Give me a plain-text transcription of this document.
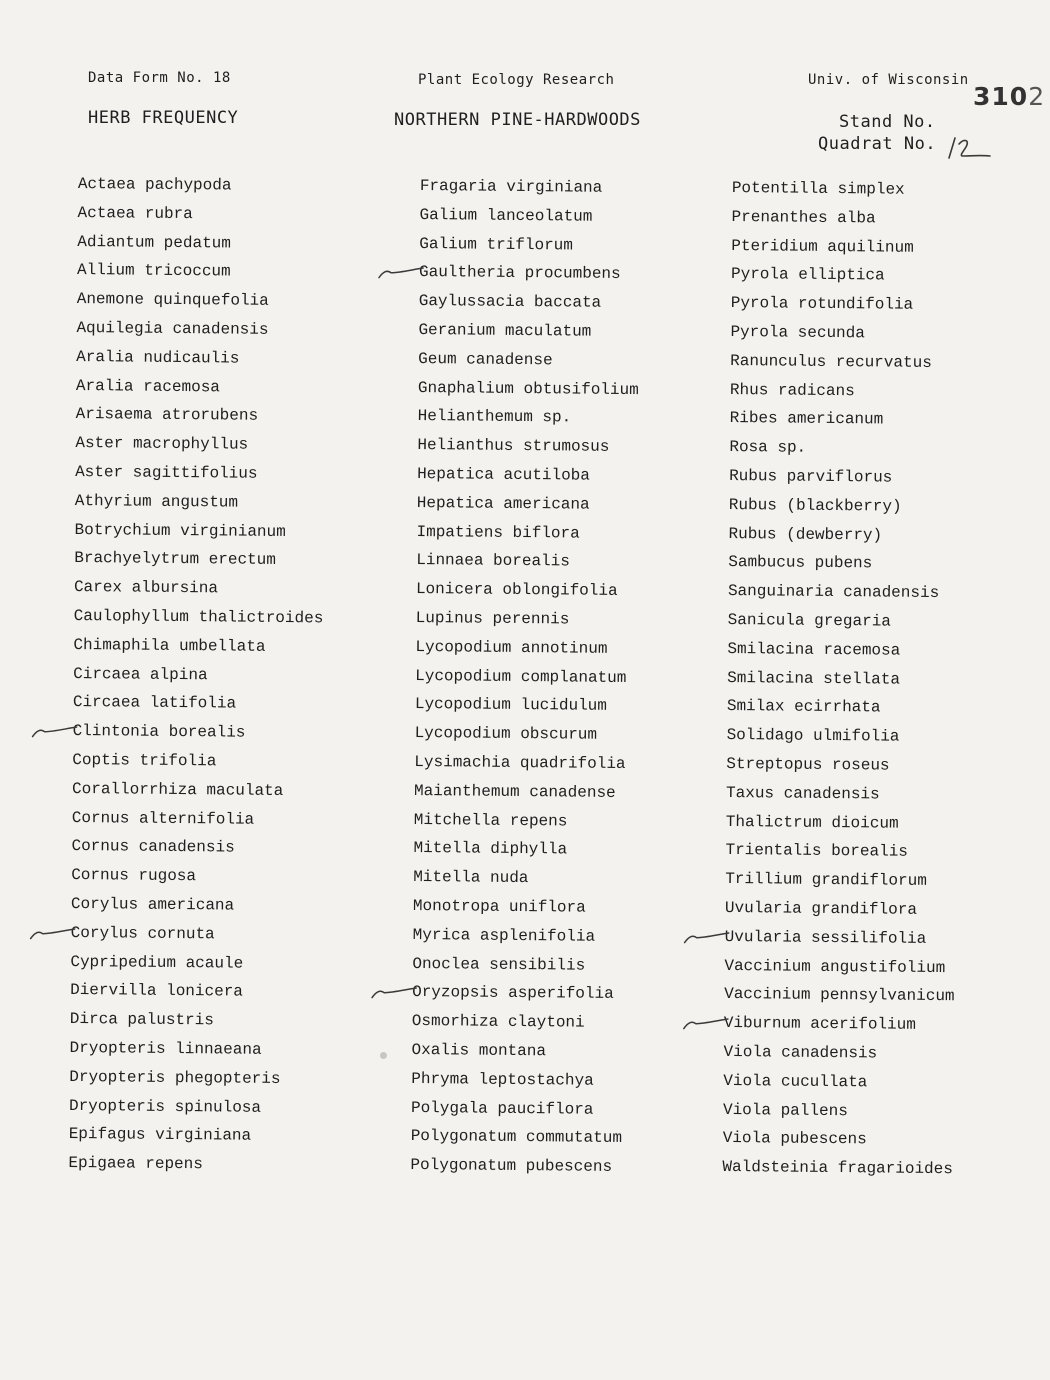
Data Form No. 18	Plant Ecology Research	Univ. of Wisconsin
3102
HERB FREQUENCY	NORTHERN PINE-HARDWOODS	Stand No.
Quadrat No.
Actaea pachypoda
Actaea rubra
Adiantum pedatum
Allium tricoccum
Anemone quinquefolia
Aquilegia canadensis
Aralia nudicaulis
Aralia racemosa
Arisaema atrorubens
Aster macrophyllus
Aster sagittifolius
Athyrium angustum
Botrychium virginianum
Brachyelytrum erectum
Carex albursina
Caulophyllum thalictroides
Chimaphila umbellata
Circaea alpina
Circaea latifolia
Clintonia borealis
Coptis trifolia
Corallorrhiza maculata
Cornus alternifolia
Cornus canadensis
Cornus rugosa
Corylus americana
Corylus cornuta
Cypripedium acaule
Diervilla lonicera
Dirca palustris
Dryopteris linnaeana
Dryopteris phegopteris
Dryopteris spinulosa
Epifagus virginiana
Epigaea repens
Fragaria virginiana
Galium lanceolatum
Galium triflorum
Gaultheria procumbens
Gaylussacia baccata
Geranium maculatum
Geum canadense
Gnaphalium obtusifolium
Helianthemum sp.
Helianthus strumosus
Hepatica acutiloba
Hepatica americana
Impatiens biflora
Linnaea borealis
Lonicera oblongifolia
Lupinus perennis
Lycopodium annotinum
Lycopodium complanatum
Lycopodium lucidulum
Lycopodium obscurum
Lysimachia quadrifolia
Maianthemum canadense
Mitchella repens
Mitella diphylla
Mitella nuda
Monotropa uniflora
Myrica asplenifolia
Onoclea sensibilis
Oryzopsis asperifolia
Osmorhiza claytoni
Oxalis montana
Phryma leptostachya
Polygala pauciflora
Polygonatum commutatum
Polygonatum pubescens
Potentilla simplex
Prenanthes alba
Pteridium aquilinum
Pyrola elliptica
Pyrola rotundifolia
Pyrola secunda
Ranunculus recurvatus
Rhus radicans
Ribes americanum
Rosa sp.
Rubus parviflorus
Rubus (blackberry)
Rubus (dewberry)
Sambucus pubens
Sanguinaria canadensis
Sanicula gregaria
Smilacina racemosa
Smilacina stellata
Smilax ecirrhata
Solidago ulmifolia
Streptopus roseus
Taxus canadensis
Thalictrum dioicum
Trientalis borealis
Trillium grandiflorum
Uvularia grandiflora
Uvularia sessilifolia
Vaccinium angustifolium
Vaccinium pennsylvanicum
Viburnum acerifolium
Viola canadensis
Viola cucullata
Viola pallens
Viola pubescens
Waldsteinia fragarioides
